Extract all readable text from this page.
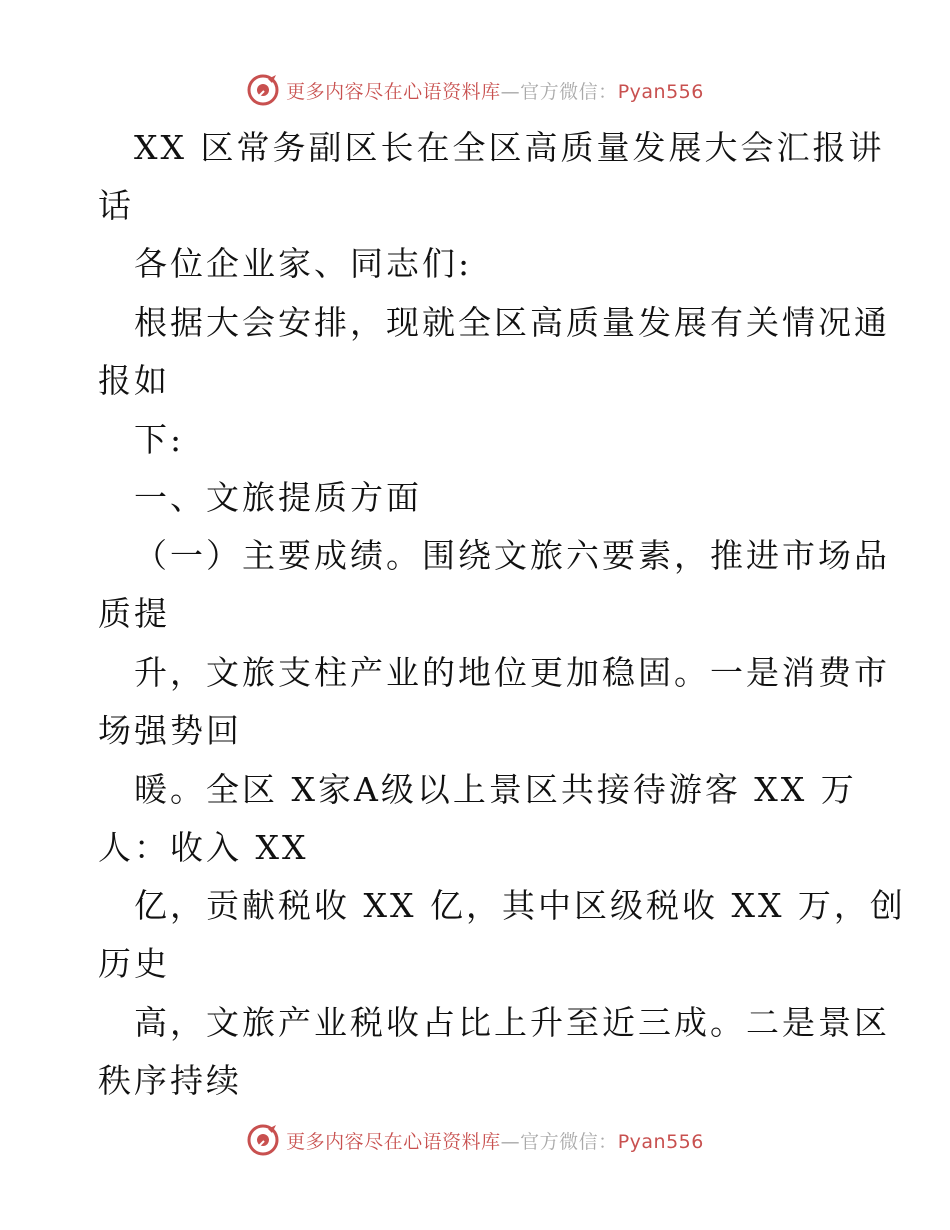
更多内容尽在心语资料库—官方微信：Pyan556
XX 区常务副区长在全区高质量发展大会汇报讲
话
各位企业家、同志们:
根据大会安排，现就全区高质量发展有关情况通
报如
下:
一、文旅提质方面
（一）主要成绩。围绕文旅六要素，推进市场品
质提
升，文旅支柱产业的地位更加稳固。一是消费市
场强势回
暖。全区 X家A级以上景区共接待游客 XX 万
人：收入 XX
亿，贡献税收 XX 亿，其中区级税收 XX 万，创
历史
高，文旅产业税收占比上升至近三成。二是景区
秩序持续
更多内容尽在心语资料库—官方微信：Pyan556
